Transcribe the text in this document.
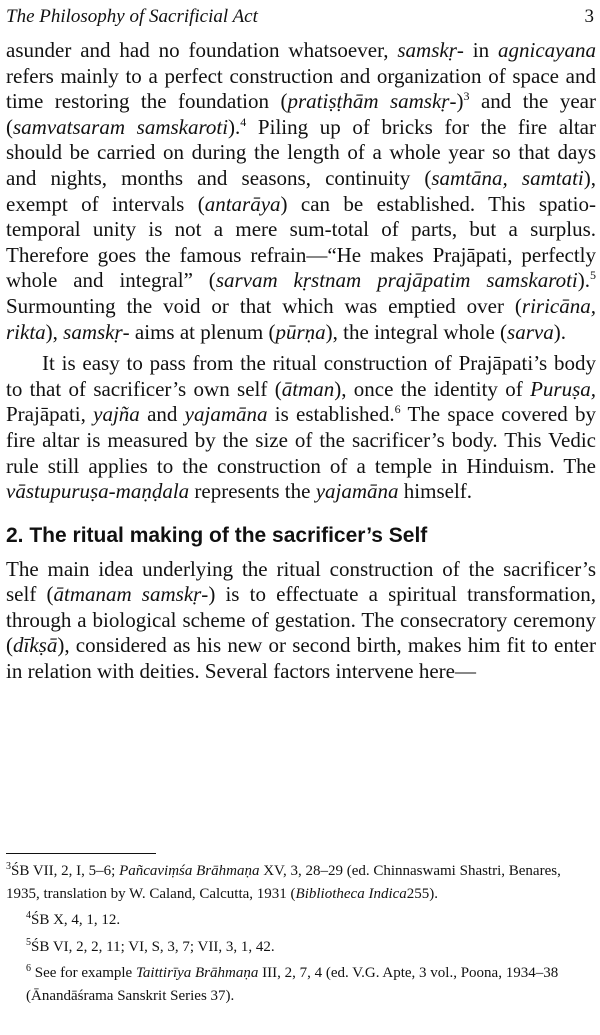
The Philosophy of Sacrificial Act	3

asunder and had no foundation whatsoever, samskṛ- in agnicayana refers mainly to a perfect construction and organization of space and time restoring the foundation (pratiṣṭhām samskṛ-)$^3$ and the year (samvatsaram samskaroti).$^4$ Piling up of bricks for the fire altar should be carried on during the length of a whole year so that days and nights, months and seasons, continuity (samtāna, samtati), exempt of intervals (antarāya) can be established. This spatio-temporal unity is not a mere sum-total of parts, but a surplus. Therefore goes the famous refrain—“He makes Prajāpati, perfectly whole and integral” (sarvam kṛstnam prajāpatim samskaroti).$^5$ Surmounting the void or that which was emptied over (riricāna, rikta), samskṛ- aims at plenum (pūrṇa), the integral whole (sarva).

It is easy to pass from the ritual construction of Prajāpati’s body to that of sacrificer’s own self (ātman), once the identity of Puruṣa, Prajāpati, yajña and yajamāna is established.$^6$ The space covered by fire altar is measured by the size of the sacrificer’s body. This Vedic rule still applies to the construction of a temple in Hinduism. The vāstupuruṣa-maṇḍala represents the yajamāna himself.

2. The ritual making of the sacrificer’s Self

The main idea underlying the ritual construction of the sacrificer’s self (ātmanam samskṛ-) is to effectuate a spiritual transformation, through a biological scheme of gestation. The consecratory ceremony (dīkṣā), considered as his new or second birth, makes him fit to enter in relation with deities. Several factors intervene here—

$^3$ŚB VII, 2, I, 5–6; Pañcaviṃśa Brāhmaṇa XV, 3, 28–29 (ed. Chinnaswami Shastri, Benares, 1935, translation by W. Caland, Calcutta, 1931 (Bibliotheca Indica255).

$^4$ŚB X, 4, 1, 12.

$^5$ŚB VI, 2, 2, 11; VI, S, 3, 7; VII, 3, 1, 42.

$^6$ See for example Taittirīya Brāhmaṇa III, 2, 7, 4 (ed. V.G. Apte, 3 vol., Poona, 1934–38 (Ānandāśrama Sanskrit Series 37).
